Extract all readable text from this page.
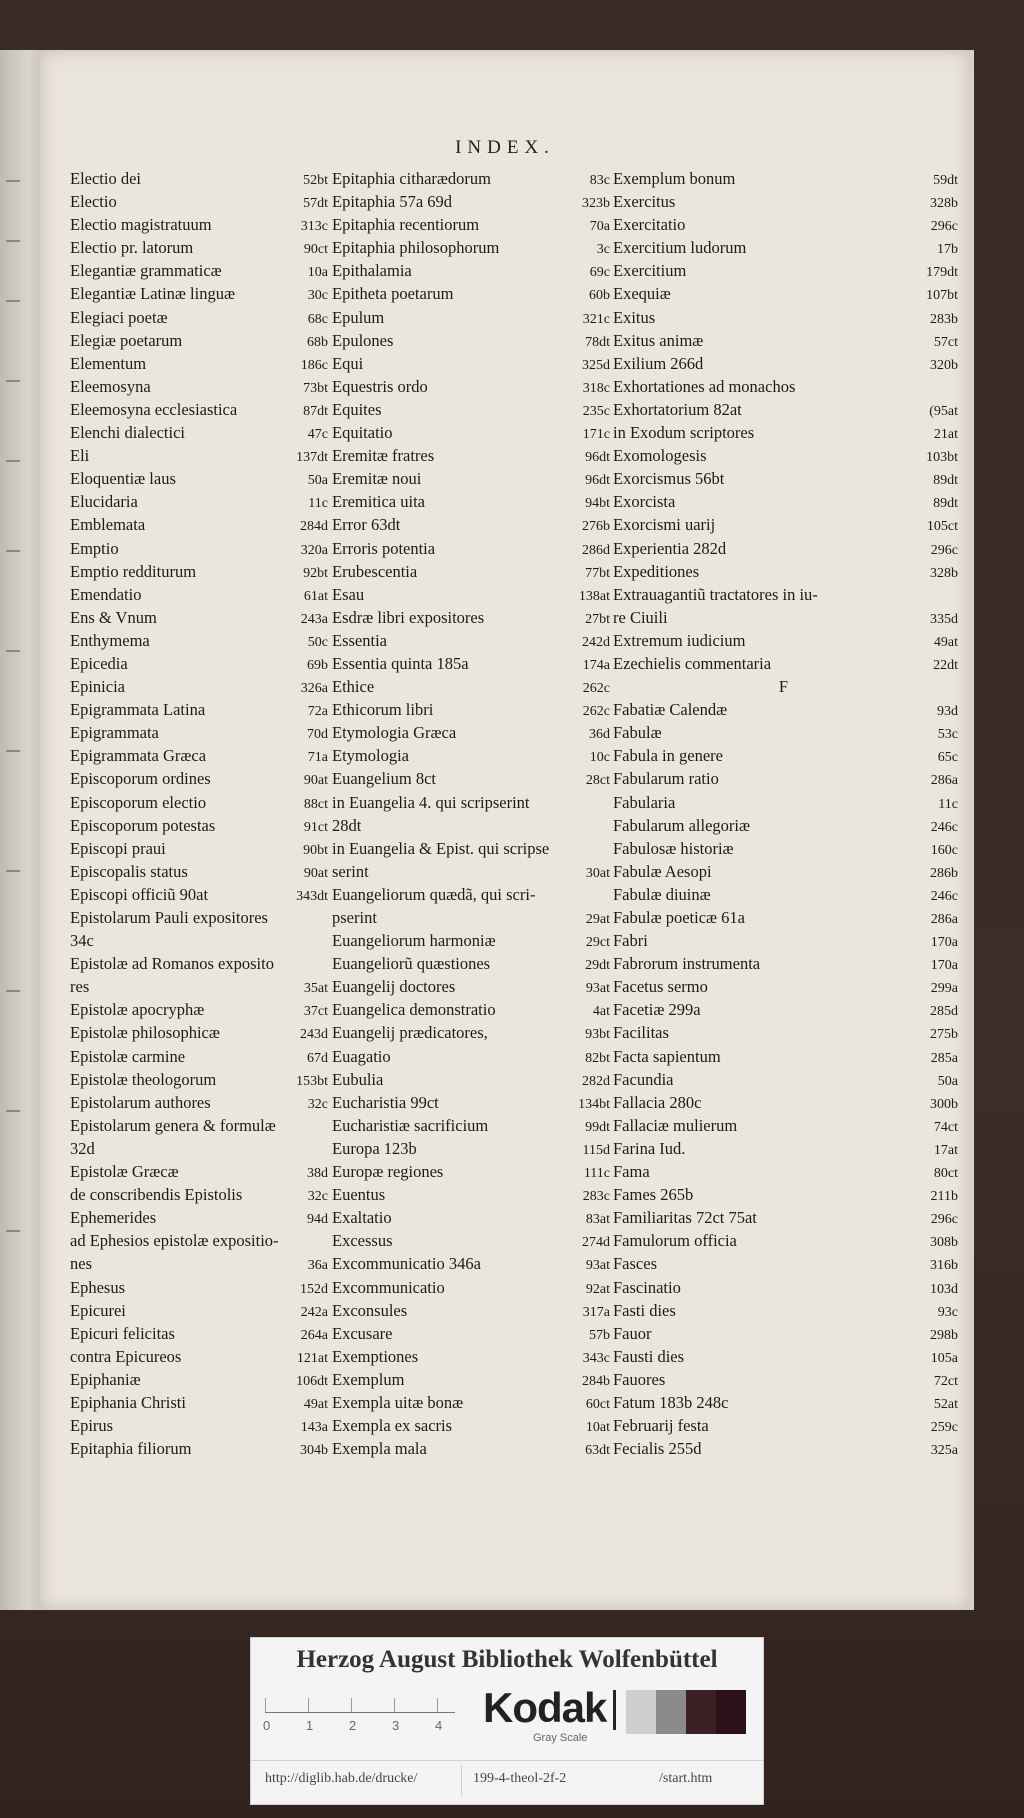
INDEX.
Electio dei	52bt
Electio	57dt
Electio magistratuum	313c
Electio pr. latorum	90ct
Elegantiæ grammaticæ	10a
Elegantiæ Latinæ linguæ	30c
Elegiaci poetæ	68c
Elegiæ poetarum	68b
Elementum	186c
Eleemosyna	73bt
Eleemosyna ecclesiastica	87dt
Elenchi dialectici	47c
Eli	137dt
Eloquentiæ laus	50a
Elucidaria	11c
Emblemata	284d
Emptio	320a
Emptio redditurum	92bt
Emendatio	61at
Ens & Vnum	243a
Enthymema	50c
Epicedia	69b
Epinicia	326a
Epigrammata Latina	72a
Epigrammata	70d
Epigrammata Græca	71a
Episcoporum ordines	90at
Episcoporum electio	88ct
Episcoporum potestas	91ct
Episcopi praui	90bt
Episcopalis status	90at
Episcopi officiũ 90at	343dt
Epistolarum Pauli expositores
34c
Epistolæ ad Romanos exposito
res	35at
Epistolæ apocryphæ	37ct
Epistolæ philosophicæ	243d
Epistolæ carmine	67d
Epistolæ theologorum	153bt
Epistolarum authores	32c
Epistolarum genera & formulæ
32d
Epistolæ Græcæ	38d
de conscribendis Epistolis	32c
Ephemerides	94d
ad Ephesios epistolæ expositio-
nes	36a
Ephesus	152d
Epicurei	242a
Epicuri felicitas	264a
contra Epicureos	121at
Epiphaniæ	106dt
Epiphania Christi	49at
Epirus	143a
Epitaphia filiorum	304b
Epitaphia citharædorum	83c
Epitaphia 57a 69d	323b
Epitaphia recentiorum	70a
Epitaphia philosophorum	3c
Epithalamia	69c
Epitheta poetarum	60b
Epulum	321c
Epulones	78dt
Equi	325d
Equestris ordo	318c
Equites	235c
Equitatio	171c
Eremitæ fratres	96dt
Eremitæ noui	96dt
Eremitica uita	94bt
Error 63dt	276b
Erroris potentia	286d
Erubescentia	77bt
Esau	138at
Esdræ libri expositores	27bt
Essentia	242d
Essentia quinta 185a	174a
Ethice	262c
Ethicorum libri	262c
Etymologia Græca	36d
Etymologia	10c
Euangelium 8ct	28ct
in Euangelia 4. qui scripserint
28dt
in Euangelia & Epist. qui scripse
serint	30at
Euangeliorum quædã, qui scri-
pserint	29at
Euangeliorum harmoniæ	29ct
Euangeliorũ quæstiones	29dt
Euangelij doctores	93at
Euangelica demonstratio	4at
Euangelij prædicatores,	93bt
Euagatio	82bt
Eubulia	282d
Eucharistia 99ct	134bt
Eucharistiæ sacrificium	99dt
Europa 123b	115d
Europæ regiones	111c
Euentus	283c
Exaltatio	83at
Excessus	274d
Excommunicatio 346a	93at
Excommunicatio	92at
Exconsules	317a
Excusare	57b
Exemptiones	343c
Exemplum	284b
Exempla uitæ bonæ	60ct
Exempla ex sacris	10at
Exempla mala	63dt
Exemplum bonum	59dt
Exercitus	328b
Exercitatio	296c
Exercitium ludorum	17b
Exercitium	179dt
Exequiæ	107bt
Exitus	283b
Exitus animæ	57ct
Exilium 266d	320b
Exhortationes ad monachos
Exhortatorium 82at	(95at
in Exodum scriptores	21at
Exomologesis	103bt
Exorcismus 56bt	89dt
Exorcista	89dt
Exorcismi uarij	105ct
Experientia 282d	296c
Expeditiones	328b
Extrauagantiũ tractatores in iu-
re Ciuili	335d
Extremum iudicium	49at
Ezechielis commentaria	22dt
F
Fabatiæ Calendæ	93d
Fabulæ	53c
Fabula in genere	65c
Fabularum ratio	286a
Fabularia	11c
Fabularum allegoriæ	246c
Fabulosæ historiæ	160c
Fabulæ Aesopi	286b
Fabulæ diuinæ	246c
Fabulæ poeticæ 61a	286a
Fabri	170a
Fabrorum instrumenta	170a
Facetus sermo	299a
Facetiæ 299a	285d
Facilitas	275b
Facta sapientum	285a
Facundia	50a
Fallacia 280c	300b
Fallaciæ mulierum	74ct
Farina Iud.	17at
Fama	80ct
Fames 265b	211b
Familiaritas 72ct 75at	296c
Famulorum officia	308b
Fasces	316b
Fascinatio	103d
Fasti dies	93c
Fauor	298b
Fausti dies	105a
Fauores	72ct
Fatum 183b 248c	52at
Februarij festa	259c
Fecialis 255d	325a
Herzog August Bibliothek Wolfenbüttel
0	1	2	3	4 Kodak
Gray Scale
http://diglib.hab.de/drucke/	199-4-theol-2f-2	/start.htm
